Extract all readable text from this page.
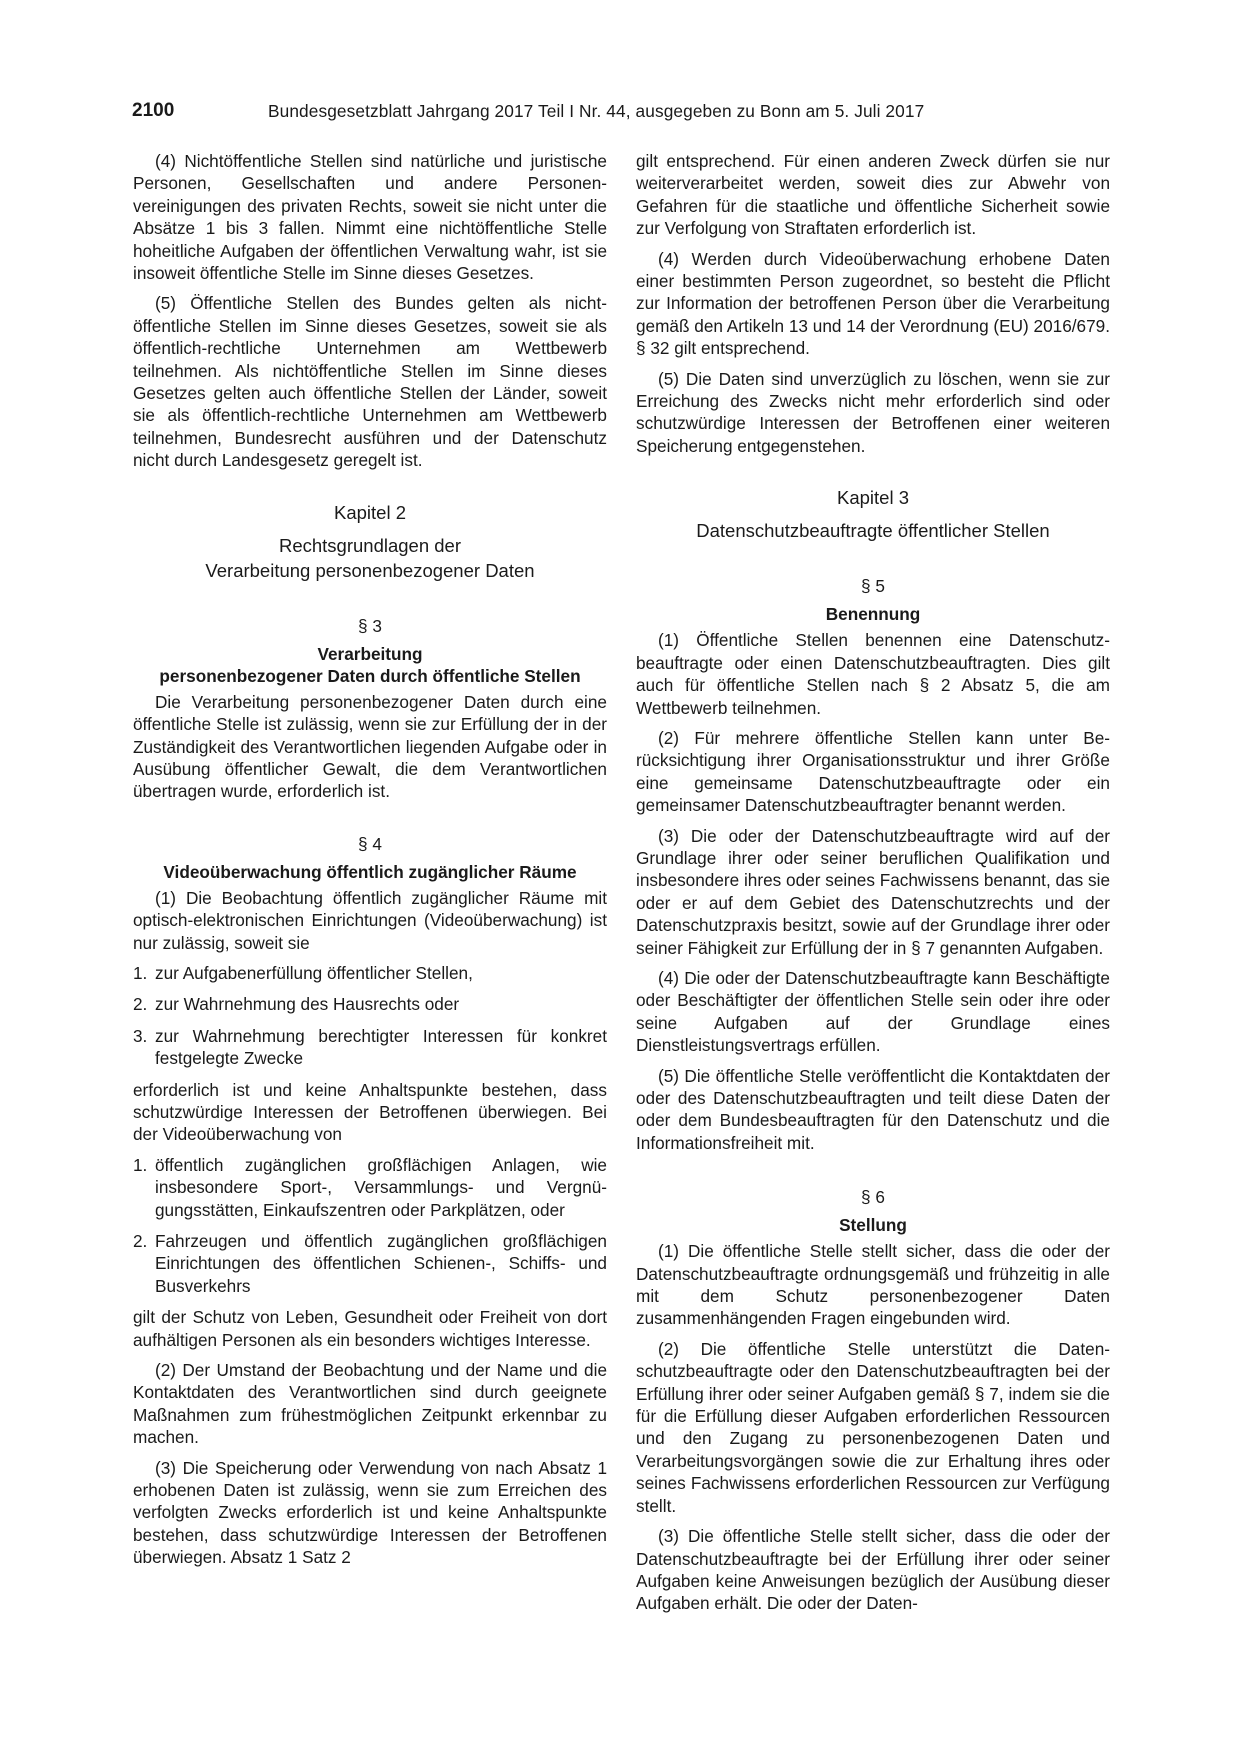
2100	Bundesgesetzblatt Jahrgang 2017 Teil I Nr. 44, ausgegeben zu Bonn am 5. Juli 2017

(4) Nichtöffentliche Stellen sind natürliche und juristische Personen, Gesellschaften und andere Personenvereinigungen des privaten Rechts, soweit sie nicht unter die Absätze 1 bis 3 fallen. Nimmt eine nichtöffentliche Stelle hoheitliche Aufgaben der öffentlichen Verwaltung wahr, ist sie insoweit öffentliche Stelle im Sinne dieses Gesetzes.

(5) Öffentliche Stellen des Bundes gelten als nichtöffentliche Stellen im Sinne dieses Gesetzes, soweit sie als öffentlich-rechtliche Unternehmen am Wettbewerb teilnehmen. Als nichtöffentliche Stellen im Sinne dieses Gesetzes gelten auch öffentliche Stellen der Länder, soweit sie als öffentlich-rechtliche Unternehmen am Wettbewerb teilnehmen, Bundesrecht ausführen und der Datenschutz nicht durch Landesgesetz geregelt ist.

Kapitel 2
Rechtsgrundlagen der
Verarbeitung personenbezogener Daten
§ 3
Verarbeitung
personenbezogener Daten durch öffentliche Stellen

Die Verarbeitung personenbezogener Daten durch eine öffentliche Stelle ist zulässig, wenn sie zur Erfüllung der in der Zuständigkeit des Verantwortlichen liegenden Aufgabe oder in Ausübung öffentlicher Gewalt, die dem Verantwortlichen übertragen wurde, erforderlich ist.

§ 4
Videoüberwachung öffentlich zugänglicher Räume

(1) Die Beobachtung öffentlich zugänglicher Räume mit optisch-elektronischen Einrichtungen (Videoüberwachung) ist nur zulässig, soweit sie

1. zur Aufgabenerfüllung öffentlicher Stellen,
2. zur Wahrnehmung des Hausrechts oder
3. zur Wahrnehmung berechtigter Interessen für konkret festgelegte Zwecke

erforderlich ist und keine Anhaltspunkte bestehen, dass schutzwürdige Interessen der Betroffenen überwiegen. Bei der Videoüberwachung von

1. öffentlich zugänglichen großflächigen Anlagen, wie insbesondere Sport-, Versammlungs- und Vergnügungsstätten, Einkaufszentren oder Parkplätzen, oder
2. Fahrzeugen und öffentlich zugänglichen großflächigen Einrichtungen des öffentlichen Schienen-, Schiffs- und Busverkehrs

gilt der Schutz von Leben, Gesundheit oder Freiheit von dort aufhältigen Personen als ein besonders wichtiges Interesse.

(2) Der Umstand der Beobachtung und der Name und die Kontaktdaten des Verantwortlichen sind durch geeignete Maßnahmen zum frühestmöglichen Zeitpunkt erkennbar zu machen.

(3) Die Speicherung oder Verwendung von nach Absatz 1 erhobenen Daten ist zulässig, wenn sie zum Erreichen des verfolgten Zwecks erforderlich ist und keine Anhaltspunkte bestehen, dass schutzwürdige Interessen der Betroffenen überwiegen. Absatz 1 Satz 2

gilt entsprechend. Für einen anderen Zweck dürfen sie nur weiterverarbeitet werden, soweit dies zur Abwehr von Gefahren für die staatliche und öffentliche Sicherheit sowie zur Verfolgung von Straftaten erforderlich ist.

(4) Werden durch Videoüberwachung erhobene Daten einer bestimmten Person zugeordnet, so besteht die Pflicht zur Information der betroffenen Person über die Verarbeitung gemäß den Artikeln 13 und 14 der Verordnung (EU) 2016/679. § 32 gilt entsprechend.

(5) Die Daten sind unverzüglich zu löschen, wenn sie zur Erreichung des Zwecks nicht mehr erforderlich sind oder schutzwürdige Interessen der Betroffenen einer weiteren Speicherung entgegenstehen.

Kapitel 3
Datenschutzbeauftragte öffentlicher Stellen
§ 5
Benennung

(1) Öffentliche Stellen benennen eine Datenschutzbeauftragte oder einen Datenschutzbeauftragten. Dies gilt auch für öffentliche Stellen nach § 2 Absatz 5, die am Wettbewerb teilnehmen.

(2) Für mehrere öffentliche Stellen kann unter Berücksichtigung ihrer Organisationsstruktur und ihrer Größe eine gemeinsame Datenschutzbeauftragte oder ein gemeinsamer Datenschutzbeauftragter benannt werden.

(3) Die oder der Datenschutzbeauftragte wird auf der Grundlage ihrer oder seiner beruflichen Qualifikation und insbesondere ihres oder seines Fachwissens benannt, das sie oder er auf dem Gebiet des Datenschutzrechts und der Datenschutzpraxis besitzt, sowie auf der Grundlage ihrer oder seiner Fähigkeit zur Erfüllung der in § 7 genannten Aufgaben.

(4) Die oder der Datenschutzbeauftragte kann Beschäftigte oder Beschäftigter der öffentlichen Stelle sein oder ihre oder seine Aufgaben auf der Grundlage eines Dienstleistungsvertrags erfüllen.

(5) Die öffentliche Stelle veröffentlicht die Kontaktdaten der oder des Datenschutzbeauftragten und teilt diese Daten der oder dem Bundesbeauftragten für den Datenschutz und die Informationsfreiheit mit.

§ 6
Stellung

(1) Die öffentliche Stelle stellt sicher, dass die oder der Datenschutzbeauftragte ordnungsgemäß und frühzeitig in alle mit dem Schutz personenbezogener Daten zusammenhängenden Fragen eingebunden wird.

(2) Die öffentliche Stelle unterstützt die Datenschutzbeauftragte oder den Datenschutzbeauftragten bei der Erfüllung ihrer oder seiner Aufgaben gemäß § 7, indem sie die für die Erfüllung dieser Aufgaben erforderlichen Ressourcen und den Zugang zu personenbezogenen Daten und Verarbeitungsvorgängen sowie die zur Erhaltung ihres oder seines Fachwissens erforderlichen Ressourcen zur Verfügung stellt.

(3) Die öffentliche Stelle stellt sicher, dass die oder der Datenschutzbeauftragte bei der Erfüllung ihrer oder seiner Aufgaben keine Anweisungen bezüglich der Ausübung dieser Aufgaben erhält. Die oder der Daten-
